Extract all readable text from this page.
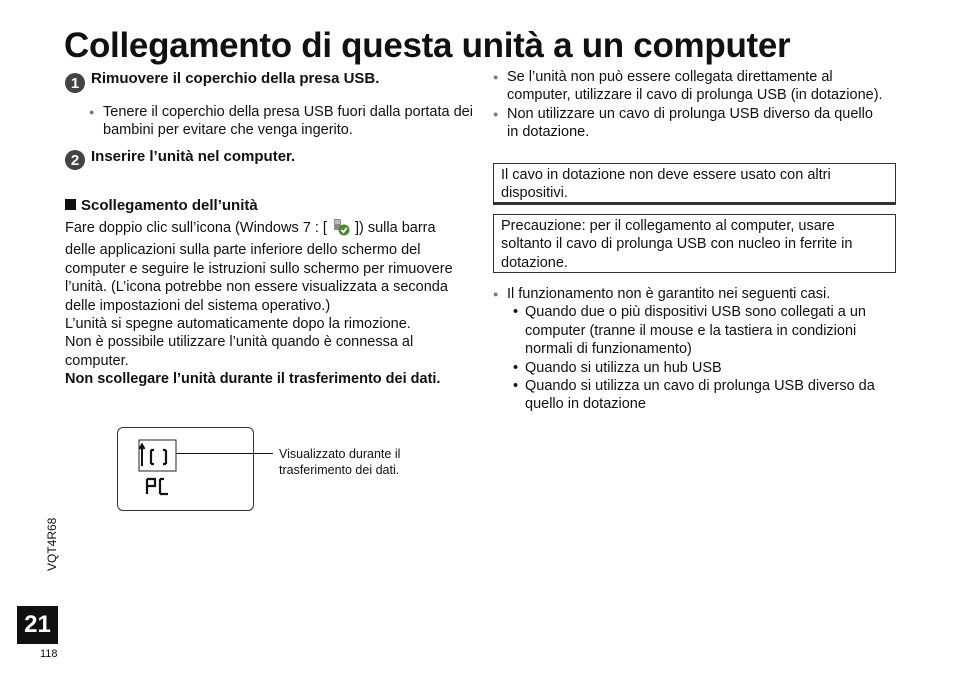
Collegamento di questa unità a un computer
1 Rimuovere il coperchio della presa USB.
● Tenere il coperchio della presa USB fuori dalla portata dei bambini per evitare che venga ingerito.
2 Inserire l’unità nel computer.
Scollegamento dell’unità
Fare doppio clic sull’icona (Windows 7 : [  ]) sulla barra delle applicazioni sulla parte inferiore dello schermo del computer e seguire le istruzioni sullo schermo per rimuovere l’unità. (L’icona potrebbe non essere visualizzata a seconda delle impostazioni del sistema operativo.)
L’unità si spegne automaticamente dopo la rimozione.
Non è possibile utilizzare l’unità quando è connessa al computer.
Non scollegare l’unità durante il trasferimento dei dati.
Visualizzato durante il trasferimento dei dati.
● Se l’unità non può essere collegata direttamente al computer, utilizzare il cavo di prolunga USB (in dotazione).
● Non utilizzare un cavo di prolunga USB diverso da quello in dotazione.
Il cavo in dotazione non deve essere usato con altri dispositivi.
Precauzione: per il collegamento al computer, usare soltanto il cavo di prolunga USB con nucleo in ferrite in dotazione.
● Il funzionamento non è garantito nei seguenti casi.
• Quando due o più dispositivi USB sono collegati a un computer (tranne il mouse e la tastiera in condizioni normali di funzionamento)
• Quando si utilizza un hub USB
• Quando si utilizza un cavo di prolunga USB diverso da quello in dotazione
VQT4R68
21
118
